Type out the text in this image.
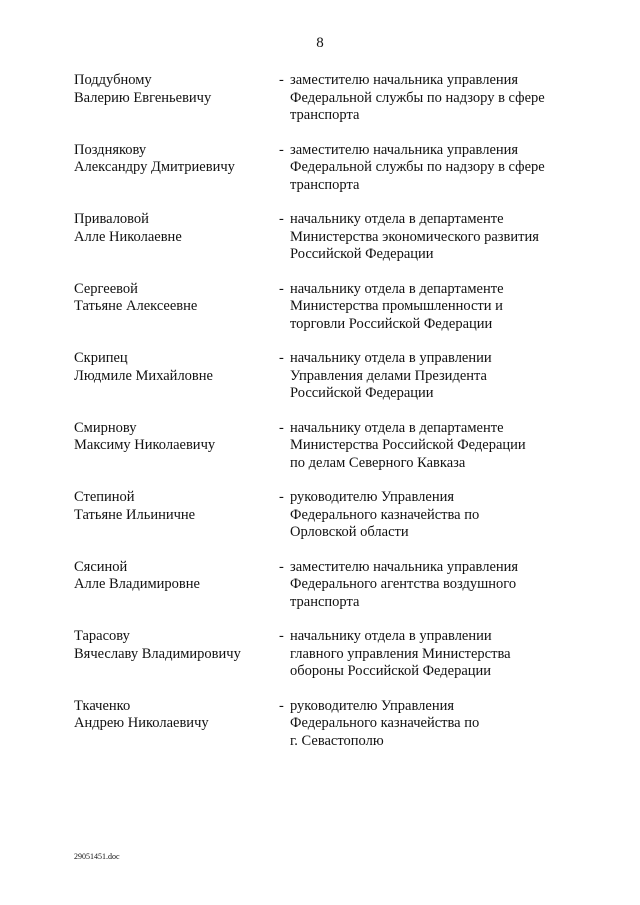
8
Поддубному
Валерию Евгеньевичу
- заместителю начальника управления
Федеральной службы по надзору в сфере
транспорта
Позднякову
Александру Дмитриевичу
- заместителю начальника управления
Федеральной службы по надзору в сфере
транспорта
Приваловой
Алле Николаевне
- начальнику отдела в департаменте
Министерства экономического развития
Российской Федерации
Сергеевой
Татьяне Алексеевне
- начальнику отдела в департаменте
Министерства промышленности и
торговли Российской Федерации
Скрипец
Людмиле Михайловне
- начальнику отдела в управлении
Управления делами Президента
Российской Федерации
Смирнову
Максиму Николаевичу
- начальнику отдела в департаменте
Министерства Российской Федерации
по делам Северного Кавказа
Степиной
Татьяне Ильиничне
- руководителю Управления
Федерального казначейства по
Орловской области
Сясиной
Алле Владимировне
- заместителю начальника управления
Федерального агентства воздушного
транспорта
Тарасову
Вячеславу Владимировичу
- начальнику отдела в управлении
главного управления Министерства
обороны Российской Федерации
Ткаченко
Андрею Николаевичу
- руководителю Управления
Федерального казначейства по
г. Севастополю
29051451.doc
